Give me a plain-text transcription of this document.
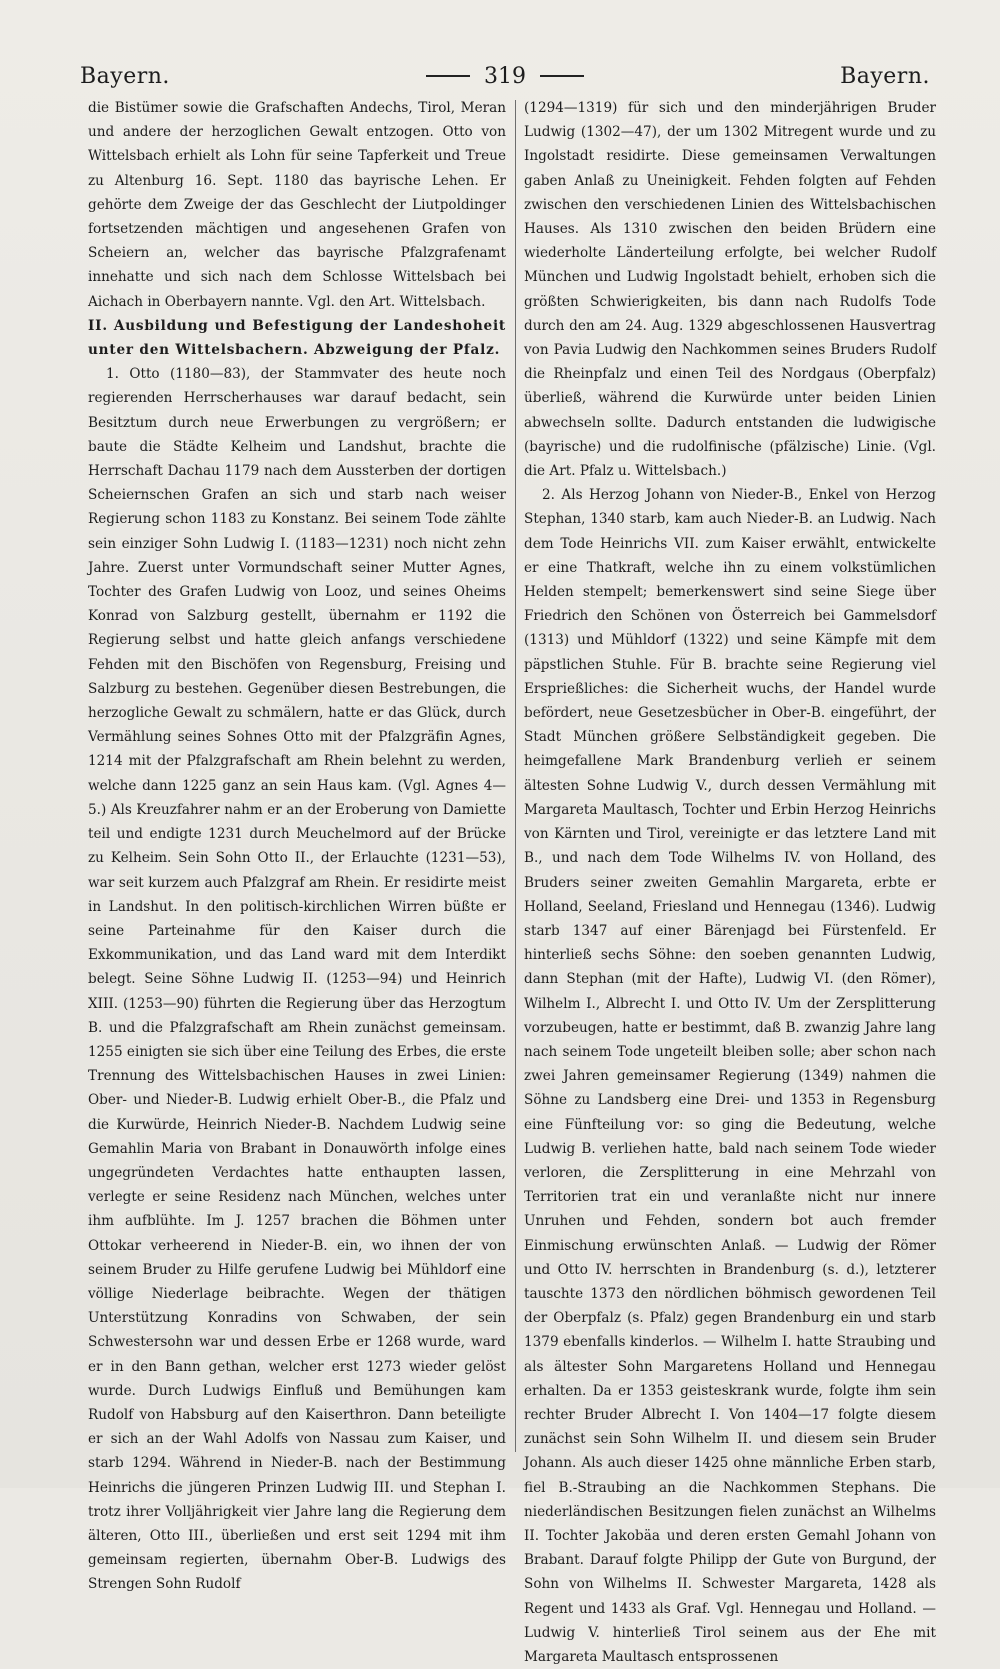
Bayern.	319	Bayern.

die Bistümer sowie die Grafschaften Andechs, Tirol, Meran und andere der herzoglichen Gewalt entzogen. Otto von Wittelsbach erhielt als Lohn für seine Tapferkeit und Treue zu Altenburg 16. Sept. 1180 das bayrische Lehen. Er gehörte dem Zweige der das Geschlecht der Liutpoldinger fortsetzenden mächtigen und angesehenen Grafen von Scheiern an, welcher das bayrische Pfalzgrafenamt innehatte und sich nach dem Schlosse Wittelsbach bei Aichach in Oberbayern nannte. Vgl. den Art. Wittelsbach.

II. Ausbildung und Befestigung der Landeshoheit unter den Wittelsbachern. Abzweigung der Pfalz.

1. Otto (1180—83), der Stammvater des heute noch regierenden Herrscherhauses war darauf bedacht, sein Besitztum durch neue Erwerbungen zu vergrößern; er baute die Städte Kelheim und Landshut, brachte die Herrschaft Dachau 1179 nach dem Aussterben der dortigen Scheiernschen Grafen an sich und starb nach weiser Regierung schon 1183 zu Konstanz. Bei seinem Tode zählte sein einziger Sohn Ludwig I. (1183—1231) noch nicht zehn Jahre. Zuerst unter Vormundschaft seiner Mutter Agnes, Tochter des Grafen Ludwig von Looz, und seines Oheims Konrad von Salzburg gestellt, übernahm er 1192 die Regierung selbst und hatte gleich anfangs verschiedene Fehden mit den Bischöfen von Regensburg, Freising und Salzburg zu bestehen. Gegenüber diesen Bestrebungen, die herzogliche Gewalt zu schmälern, hatte er das Glück, durch Vermählung seines Sohnes Otto mit der Pfalzgräfin Agnes, 1214 mit der Pfalzgrafschaft am Rhein belehnt zu werden, welche dann 1225 ganz an sein Haus kam. (Vgl. Agnes 4—5.) Als Kreuzfahrer nahm er an der Eroberung von Damiette teil und endigte 1231 durch Meuchelmord auf der Brücke zu Kelheim. Sein Sohn Otto II., der Erlauchte (1231—53), war seit kurzem auch Pfalzgraf am Rhein. Er residirte meist in Landshut. In den politisch-kirchlichen Wirren büßte er seine Parteinahme für den Kaiser durch die Exkommunikation, und das Land ward mit dem Interdikt belegt. Seine Söhne Ludwig II. (1253—94) und Heinrich XIII. (1253—90) führten die Regierung über das Herzogtum B. und die Pfalzgrafschaft am Rhein zunächst gemeinsam. 1255 einigten sie sich über eine Teilung des Erbes, die erste Trennung des Wittelsbachischen Hauses in zwei Linien: Ober- und Nieder-B. Ludwig erhielt Ober-B., die Pfalz und die Kurwürde, Heinrich Nieder-B. Nachdem Ludwig seine Gemahlin Maria von Brabant in Donauwörth infolge eines ungegründeten Verdachtes hatte enthaupten lassen, verlegte er seine Residenz nach München, welches unter ihm aufblühte. Im J. 1257 brachen die Böhmen unter Ottokar verheerend in Nieder-B. ein, wo ihnen der von seinem Bruder zu Hilfe gerufene Ludwig bei Mühldorf eine völlige Niederlage beibrachte. Wegen der thätigen Unterstützung Konradins von Schwaben, der sein Schwestersohn war und dessen Erbe er 1268 wurde, ward er in den Bann gethan, welcher erst 1273 wieder gelöst wurde. Durch Ludwigs Einfluß und Bemühungen kam Rudolf von Habsburg auf den Kaiserthron. Dann beteiligte er sich an der Wahl Adolfs von Nassau zum Kaiser, und starb 1294. Während in Nieder-B. nach der Bestimmung Heinrichs die jüngeren Prinzen Ludwig III. und Stephan I. trotz ihrer Volljährigkeit vier Jahre lang die Regierung dem älteren, Otto III., überließen und erst seit 1294 mit ihm gemeinsam regierten, übernahm Ober-B. Ludwigs des Strengen Sohn Rudolf

(1294—1319) für sich und den minderjährigen Bruder Ludwig (1302—47), der um 1302 Mitregent wurde und zu Ingolstadt residirte. Diese gemeinsamen Verwaltungen gaben Anlaß zu Uneinigkeit. Fehden folgten auf Fehden zwischen den verschiedenen Linien des Wittelsbachischen Hauses. Als 1310 zwischen den beiden Brüdern eine wiederholte Länderteilung erfolgte, bei welcher Rudolf München und Ludwig Ingolstadt behielt, erhoben sich die größten Schwierigkeiten, bis dann nach Rudolfs Tode durch den am 24. Aug. 1329 abgeschlossenen Hausvertrag von Pavia Ludwig den Nachkommen seines Bruders Rudolf die Rheinpfalz und einen Teil des Nordgaus (Oberpfalz) überließ, während die Kurwürde unter beiden Linien abwechseln sollte. Dadurch entstanden die ludwigische (bayrische) und die rudolfinische (pfälzische) Linie. (Vgl. die Art. Pfalz u. Wittelsbach.)

2. Als Herzog Johann von Nieder-B., Enkel von Herzog Stephan, 1340 starb, kam auch Nieder-B. an Ludwig. Nach dem Tode Heinrichs VII. zum Kaiser erwählt, entwickelte er eine Thatkraft, welche ihn zu einem volkstümlichen Helden stempelt; bemerkenswert sind seine Siege über Friedrich den Schönen von Österreich bei Gammelsdorf (1313) und Mühldorf (1322) und seine Kämpfe mit dem päpstlichen Stuhle. Für B. brachte seine Regierung viel Ersprießliches: die Sicherheit wuchs, der Handel wurde befördert, neue Gesetzesbücher in Ober-B. eingeführt, der Stadt München größere Selbständigkeit gegeben. Die heimgefallene Mark Brandenburg verlieh er seinem ältesten Sohne Ludwig V., durch dessen Vermählung mit Margareta Maultasch, Tochter und Erbin Herzog Heinrichs von Kärnten und Tirol, vereinigte er das letztere Land mit B., und nach dem Tode Wilhelms IV. von Holland, des Bruders seiner zweiten Gemahlin Margareta, erbte er Holland, Seeland, Friesland und Hennegau (1346). Ludwig starb 1347 auf einer Bärenjagd bei Fürstenfeld. Er hinterließ sechs Söhne: den soeben genannten Ludwig, dann Stephan (mit der Hafte), Ludwig VI. (den Römer), Wilhelm I., Albrecht I. und Otto IV. Um der Zersplitterung vorzubeugen, hatte er bestimmt, daß B. zwanzig Jahre lang nach seinem Tode ungeteilt bleiben solle; aber schon nach zwei Jahren gemeinsamer Regierung (1349) nahmen die Söhne zu Landsberg eine Drei- und 1353 in Regensburg eine Fünfteilung vor: so ging die Bedeutung, welche Ludwig B. verliehen hatte, bald nach seinem Tode wieder verloren, die Zersplitterung in eine Mehrzahl von Territorien trat ein und veranlaßte nicht nur innere Unruhen und Fehden, sondern bot auch fremder Einmischung erwünschten Anlaß. — Ludwig der Römer und Otto IV. herrschten in Brandenburg (s. d.), letzterer tauschte 1373 den nördlichen böhmisch gewordenen Teil der Oberpfalz (s. Pfalz) gegen Brandenburg ein und starb 1379 ebenfalls kinderlos. — Wilhelm I. hatte Straubing und als ältester Sohn Margaretens Holland und Hennegau erhalten. Da er 1353 geisteskrank wurde, folgte ihm sein rechter Bruder Albrecht I. Von 1404—17 folgte diesem zunächst sein Sohn Wilhelm II. und diesem sein Bruder Johann. Als auch dieser 1425 ohne männliche Erben starb, fiel B.-Straubing an die Nachkommen Stephans. Die niederländischen Besitzungen fielen zunächst an Wilhelms II. Tochter Jakobäa und deren ersten Gemahl Johann von Brabant. Darauf folgte Philipp der Gute von Burgund, der Sohn von Wilhelms II. Schwester Margareta, 1428 als Regent und 1433 als Graf. Vgl. Hennegau und Holland. — Ludwig V. hinterließ Tirol seinem aus der Ehe mit Margareta Maultasch entsprossenen
